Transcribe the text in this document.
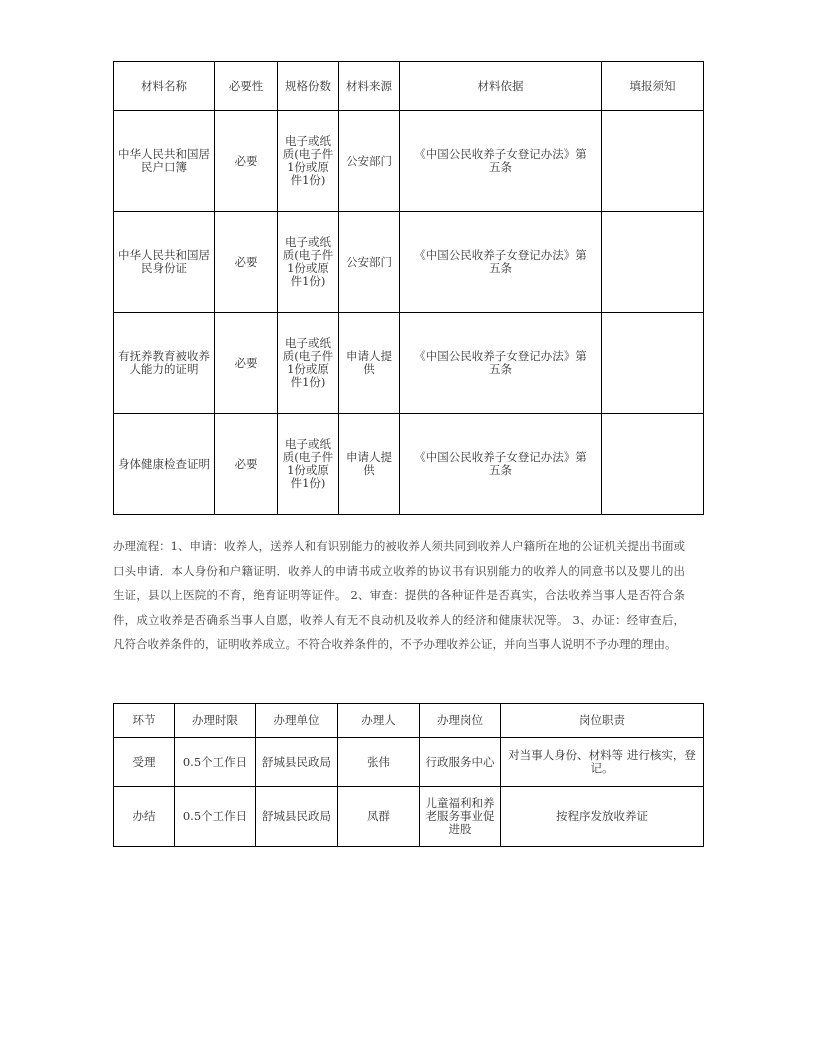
材料名称	必要性	规格份数	材料来源	材料依据	填报须知
中华人民共和国居民户口簿	必要	电子或纸质(电子件1份或原件1份)	公安部门	《中国公民收养子女登记办法》第五条	
中华人民共和国居民身份证	必要	电子或纸质(电子件1份或原件1份)	公安部门	《中国公民收养子女登记办法》第五条	
有抚养教育被收养人能力的证明	必要	电子或纸质(电子件1份或原件1份)	申请人提供	《中国公民收养子女登记办法》第五条	
身体健康检查证明	必要	电子或纸质(电子件1份或原件1份)	申请人提供	《中国公民收养子女登记办法》第五条	

办理流程：1、申请：收养人，送养人和有识别能力的被收养人须共同到收养人户籍所在地的公证机关提出书面或口头申请．本人身份和户籍证明．收养人的申请书成立收养的协议书有识别能力的收养人的同意书以及婴儿的出生证，县以上医院的不育，绝育证明等证件。 2、审查：提供的各种证件是否真实，合法收养当事人是否符合条件，成立收养是否确系当事人自愿，收养人有无不良动机及收养人的经济和健康状况等。 3、办证：经审查后，凡符合收养条件的，证明收养成立。不符合收养条件的，不予办理收养公证，并向当事人说明不予办理的理由。

环节	办理时限	办理单位	办理人	办理岗位	岗位职责
受理	0.5个工作日	舒城县民政局	张伟	行政服务中心	对当事人身份、材料等 进行核实，登记。
办结	0.5个工作日	舒城县民政局	凤群	儿童福利和养老服务事业促进股	按程序发放收养证
